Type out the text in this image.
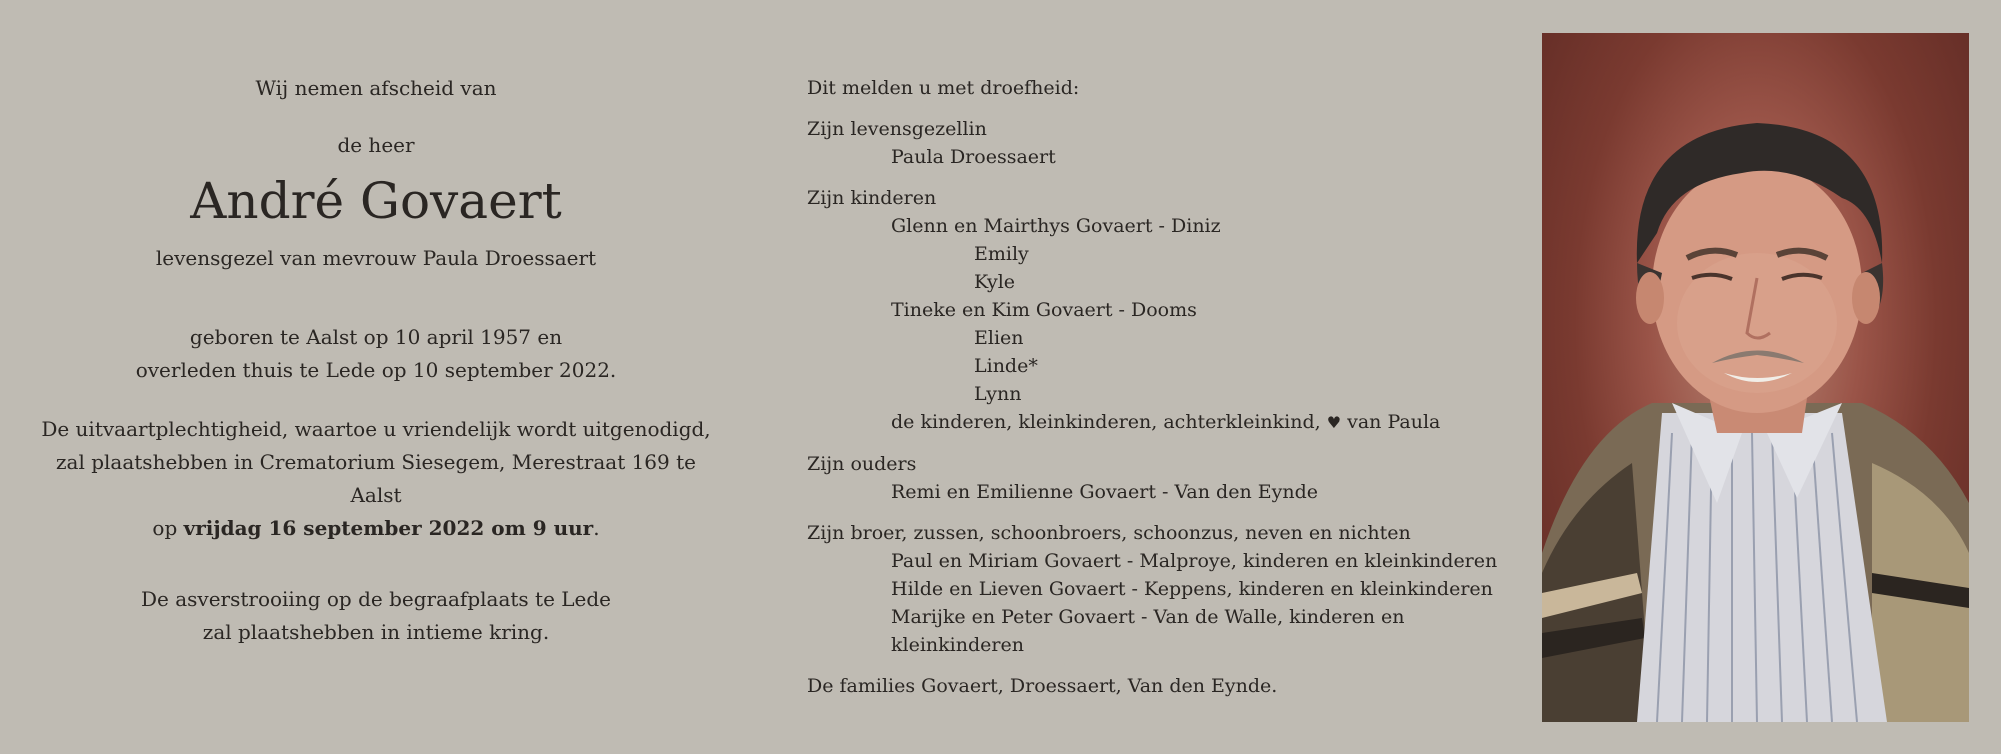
Wij nemen afscheid van

de heer

André Govaert

levensgezel van mevrouw Paula Droessaert

geboren te Aalst op 10 april 1957 en

overleden thuis te Lede op 10 september 2022.

De uitvaartplechtigheid, waartoe u vriendelijk wordt uitgenodigd,

zal plaatshebben in Crematorium Siesegem, Merestraat 169 te Aalst

op vrijdag 16 september 2022 om 9 uur.

De asverstrooiing op de begraafplaats te Lede

zal plaatshebben in intieme kring.

Dit melden u met droefheid:

Zijn levensgezellin

Paula Droessaert

Zijn kinderen

Glenn en Mairthys Govaert - Diniz

Emily

Kyle

Tineke en Kim Govaert - Dooms

Elien

Linde*

Lynn

de kinderen, kleinkinderen, achterkleinkind, ♥ van Paula

Zijn ouders

Remi en Emilienne Govaert - Van den Eynde

Zijn broer, zussen, schoonbroers, schoonzus, neven en nichten

Paul en Miriam Govaert - Malproye, kinderen en kleinkinderen

Hilde en Lieven Govaert - Keppens, kinderen en kleinkinderen

Marijke en Peter Govaert - Van de Walle, kinderen en kleinkinderen

De families Govaert, Droessaert, Van den Eynde.
